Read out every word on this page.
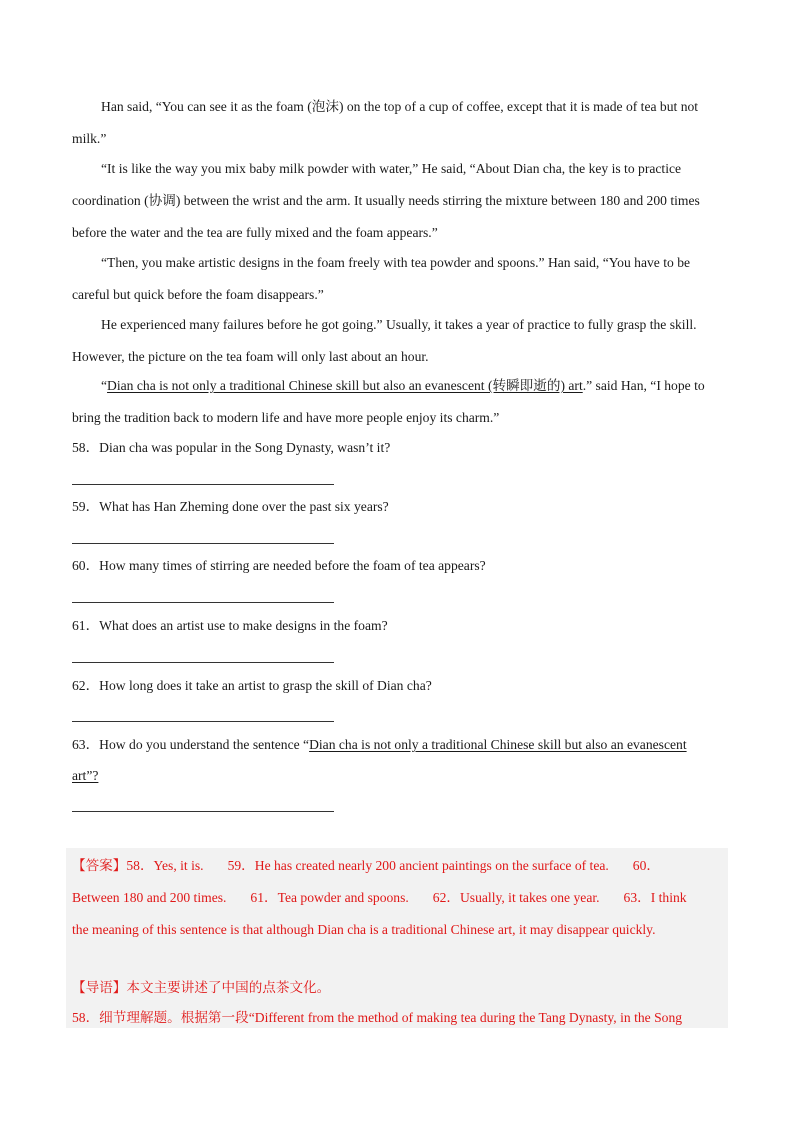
Han said, “You can see it as the foam (泡沫) on the top of a cup of coffee, except that it is made of tea but not
milk.”
“It is like the way you mix baby milk powder with water,” He said, “About Dian cha, the key is to practice
coordination (协调) between the wrist and the arm. It usually needs stirring the mixture between 180 and 200 times
before the water and the tea are fully mixed and the foam appears.”
“Then, you make artistic designs in the foam freely with tea powder and spoons.” Han said, “You have to be
careful but quick before the foam disappears.”
He experienced many failures before he got going.” Usually, it takes a year of practice to fully grasp the skill.
However, the picture on the tea foam will only last about an hour.
“Dian cha is not only a traditional Chinese skill but also an evanescent (转瞬即逝的) art.” said Han, “I hope to
bring the tradition back to modern life and have more people enjoy its charm.”
58．Dian cha was popular in the Song Dynasty, wasn’t it?
59．What has Han Zheming done over the past six years?
60．How many times of stirring are needed before the foam of tea appears?
61．What does an artist use to make designs in the foam?
62．How long does it take an artist to grasp the skill of Dian cha?
63．How do you understand the sentence “Dian cha is not only a traditional Chinese skill but also an evanescent
art”?
【答案】58．Yes, it is. 59．He has created nearly 200 ancient paintings on the surface of tea. 60．
Between 180 and 200 times. 61．Tea powder and spoons. 62．Usually, it takes one year. 63．I think
the meaning of this sentence is that although Dian cha is a traditional Chinese art, it may disappear quickly.
【导语】本文主要讲述了中国的点茶文化。
58．细节理解题。根据第一段“Different from the method of making tea during the Tang Dynasty, in the Song
